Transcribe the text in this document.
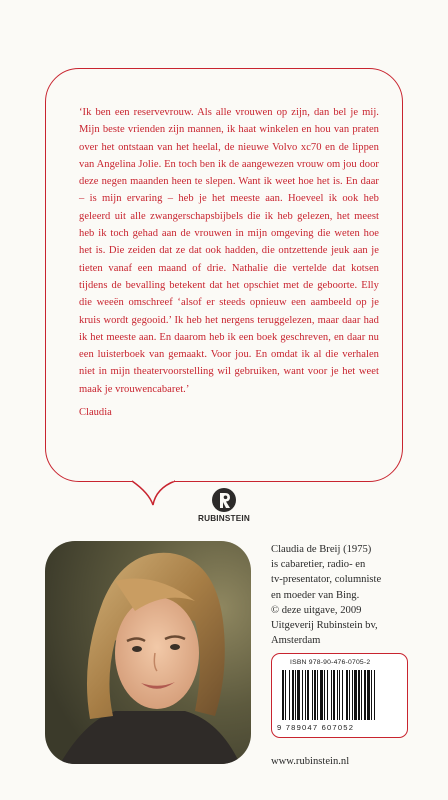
‘Ik ben een reservevrouw. Als alle vrouwen op zijn, dan bel je mij. Mijn beste vrienden zijn mannen, ik haat winkelen en hou van praten over het ontstaan van het heelal, de nieuwe Volvo xc70 en de lippen van Angelina Jolie. En toch ben ik de aangewezen vrouw om jou door deze negen maanden heen te slepen. Want ik weet hoe het is. En daar – is mijn ervaring – heb je het meeste aan. Hoeveel ik ook heb geleerd uit alle zwangerschapsbijbels die ik heb gelezen, het meest heb ik toch gehad aan de vrouwen in mijn omgeving die weten hoe het is. Die zeiden dat ze dat ook hadden, die ontzettende jeuk aan je tieten vanaf een maand of drie. Nathalie die vertelde dat kotsen tijdens de bevalling betekent dat het opschiet met de geboorte. Elly die weeën omschreef ‘alsof er steeds opnieuw een aambeeld op je kruis wordt gegooid.’ Ik heb het nergens teruggelezen, maar daar had ik het meeste aan. En daarom heb ik een boek geschreven, en daar nu een luisterboek van gemaakt. Voor jou. En omdat ik al die verhalen niet in mijn theatervoorstelling wil gebruiken, want voor je het weet maak je vrouwencabaret.’

Claudia

RUBINSTEIN
Claudia de Breij (1975)
is cabaretier, radio- en
tv-presentator, columniste
en moeder van Bing.
© deze uitgave, 2009
Uitgeverij Rubinstein bv,
Amsterdam
ISBN 978-90-476-0705-2
9 789047 607052
www.rubinstein.nl
